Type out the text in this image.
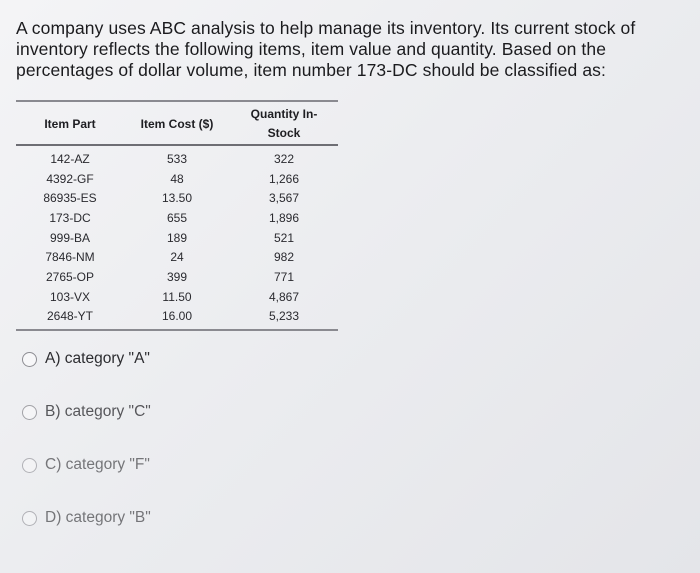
A company uses ABC analysis to help manage its inventory. Its current stock of inventory reflects the following items, item value and quantity. Based on the percentages of dollar volume, item number 173-DC should be classified as:
Item Part	Item Cost ($)	Quantity In-Stock
142-AZ	533	322
4392-GF	48	1,266
86935-ES	13.50	3,567
173-DC	655	1,896
999-BA	189	521
7846-NM	24	982
2765-OP	399	771
103-VX	11.50	4,867
2648-YT	16.00	5,233
A) category "A"
B) category "C"
C) category "F"
D) category "B"
